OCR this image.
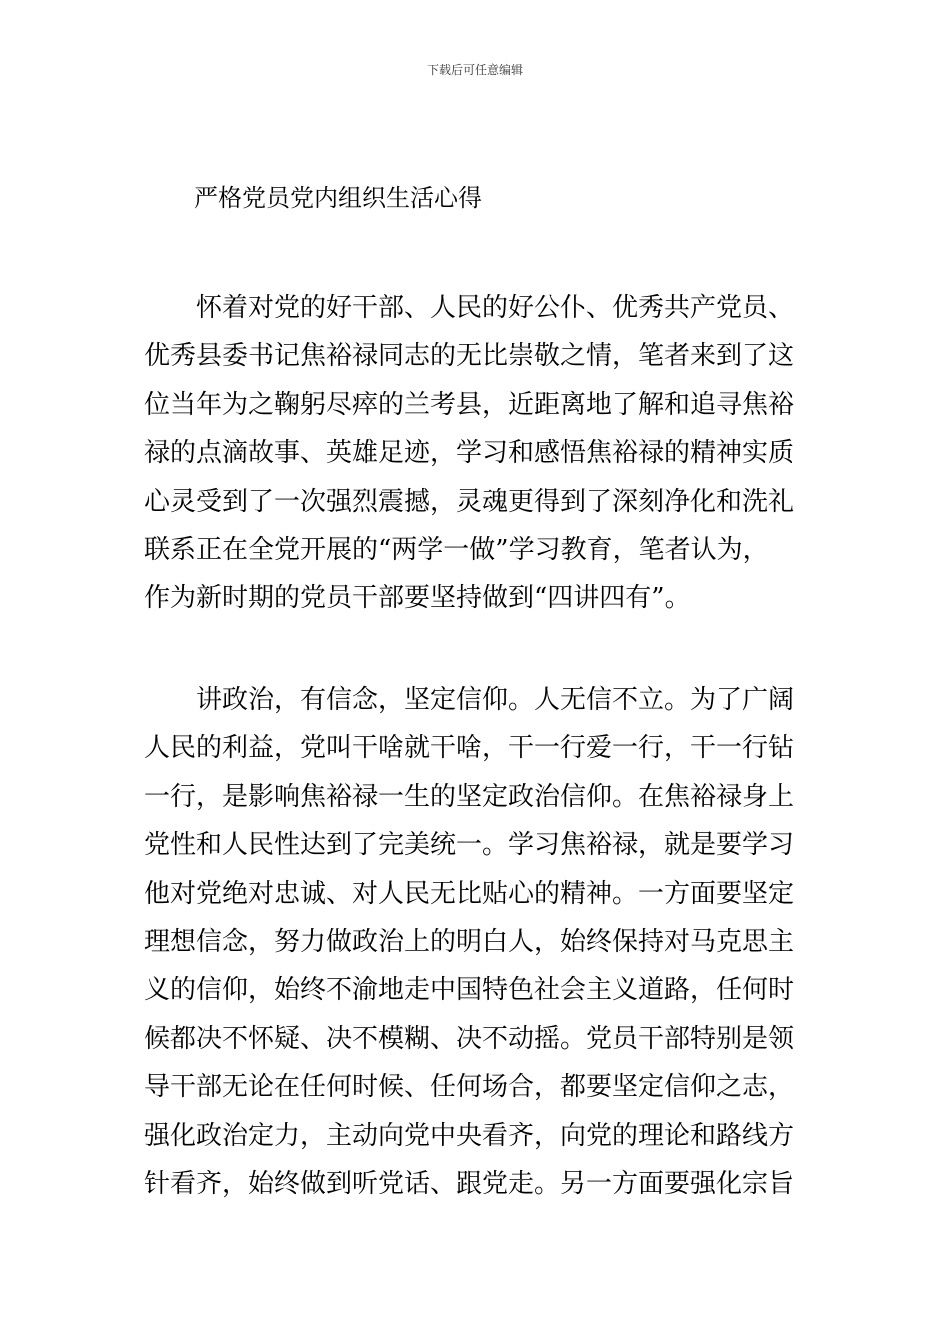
下载后可任意编辑
严格党员党内组织生活心得
怀着对党的好干部、人民的好公仆、优秀共产党员、
优秀县委书记焦裕禄同志的无比崇敬之情，笔者来到了这
位当年为之鞠躬尽瘁的兰考县，近距离地了解和追寻焦裕
禄的点滴故事、英雄足迹，学习和感悟焦裕禄的精神实质
心灵受到了一次强烈震撼，灵魂更得到了深刻净化和洗礼
联系正在全党开展的“两学一做”学习教育，笔者认为，
作为新时期的党员干部要坚持做到“四讲四有”。
讲政治，有信念，坚定信仰。人无信不立。为了广阔
人民的利益，党叫干啥就干啥，干一行爱一行，干一行钻
一行，是影响焦裕禄一生的坚定政治信仰。在焦裕禄身上
党性和人民性达到了完美统一。学习焦裕禄，就是要学习
他对党绝对忠诚、对人民无比贴心的精神。一方面要坚定
理想信念，努力做政治上的明白人，始终保持对马克思主
义的信仰，始终不渝地走中国特色社会主义道路，任何时
候都决不怀疑、决不模糊、决不动摇。党员干部特别是领
导干部无论在任何时候、任何场合，都要坚定信仰之志，
强化政治定力，主动向党中央看齐，向党的理论和路线方
针看齐，始终做到听党话、跟党走。另一方面要强化宗旨
